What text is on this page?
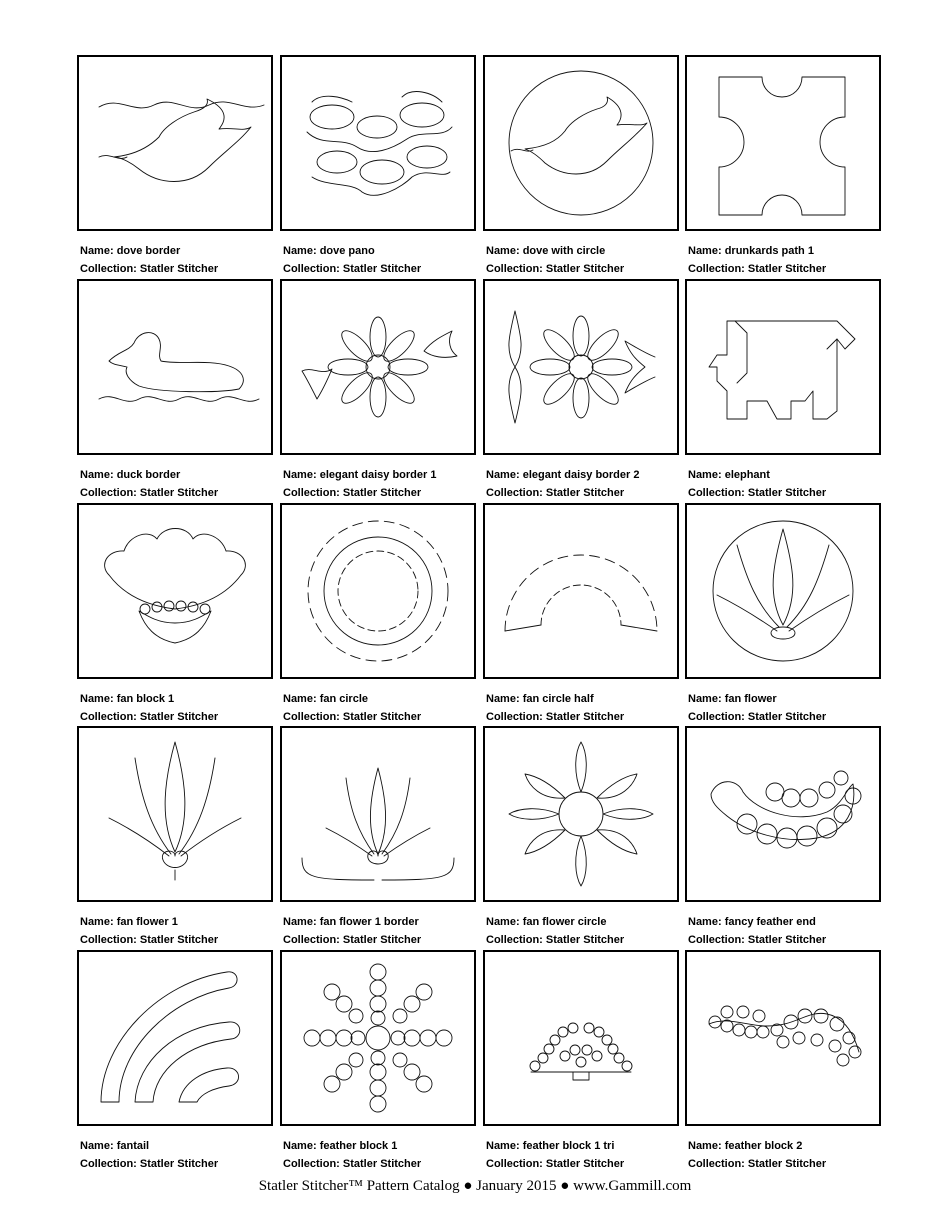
Name: dove border
Collection: Statler Stitcher
Name: dove pano
Collection: Statler Stitcher
Name: dove with circle
Collection: Statler Stitcher
Name: drunkards path 1
Collection: Statler Stitcher
Name: duck border
Collection: Statler Stitcher
Name: elegant daisy border 1
Collection: Statler Stitcher
Name: elegant daisy border 2
Collection: Statler Stitcher
Name: elephant
Collection: Statler Stitcher
Name: fan block 1
Collection: Statler Stitcher
Name: fan circle
Collection: Statler Stitcher
Name: fan circle half
Collection: Statler Stitcher
Name: fan flower
Collection: Statler Stitcher
Name: fan flower 1
Collection: Statler Stitcher
Name: fan flower 1 border
Collection: Statler Stitcher
Name: fan flower circle
Collection: Statler Stitcher
Name: fancy feather end
Collection: Statler Stitcher
Name: fantail
Collection: Statler Stitcher
Name: feather block 1
Collection: Statler Stitcher
Name: feather block 1 tri
Collection: Statler Stitcher
Name: feather block 2
Collection: Statler Stitcher
Statler Stitcher™ Pattern Catalog ● January 2015 ● www.Gammill.com
